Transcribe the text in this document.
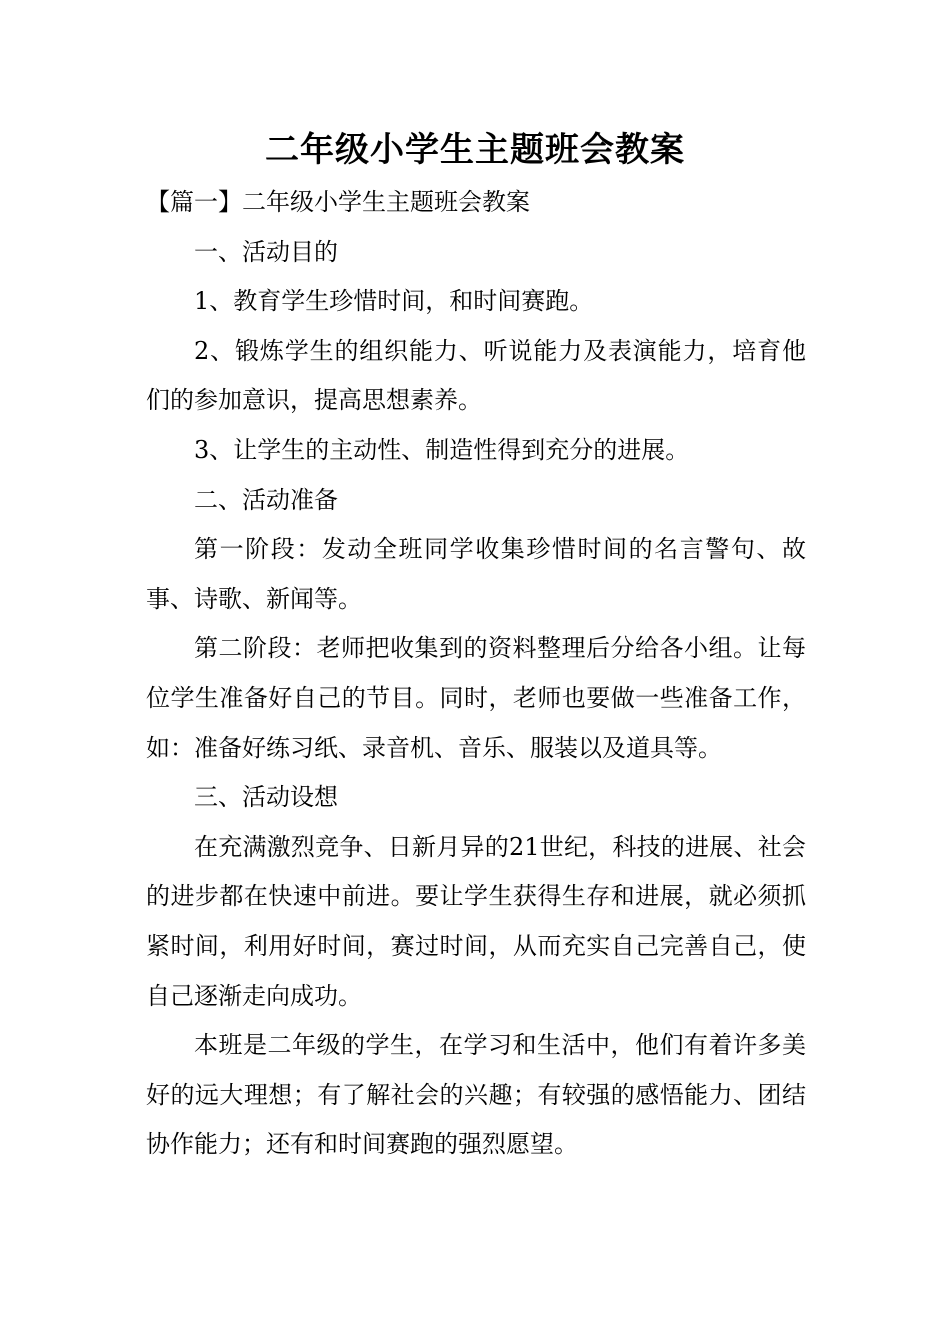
二年级小学生主题班会教案

【篇一】二年级小学生主题班会教案

一、活动目的

1、教育学生珍惜时间，和时间赛跑。

2、锻炼学生的组织能力、听说能力及表演能力，培育他们的参加意识，提高思想素养。

3、让学生的主动性、制造性得到充分的进展。

二、活动准备

第一阶段：发动全班同学收集珍惜时间的名言警句、故事、诗歌、新闻等。

第二阶段：老师把收集到的资料整理后分给各小组。让每位学生准备好自己的节目。同时，老师也要做一些准备工作，如：准备好练习纸、录音机、音乐、服装以及道具等。

三、活动设想

在充满激烈竞争、日新月异的21世纪，科技的进展、社会的进步都在快速中前进。要让学生获得生存和进展，就必须抓紧时间，利用好时间，赛过时间，从而充实自己完善自己，使自己逐渐走向成功。

本班是二年级的学生，在学习和生活中，他们有着许多美好的远大理想；有了解社会的兴趣；有较强的感悟能力、团结协作能力；还有和时间赛跑的强烈愿望。
